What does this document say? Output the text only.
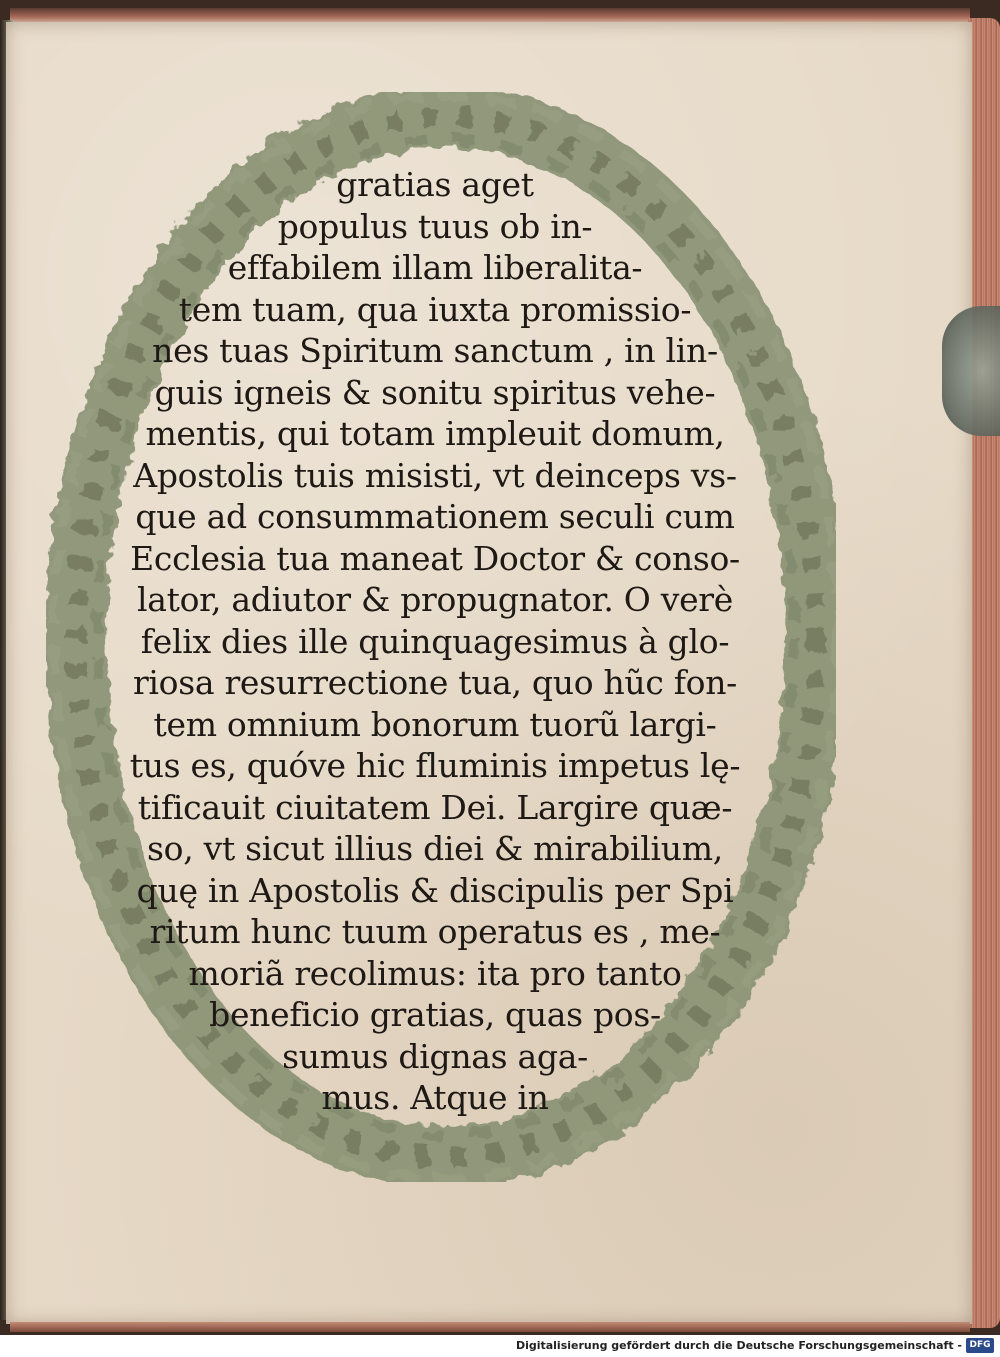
gratias aget
populus tuus ob in-
effabilem illam liberalita-
tem tuam, qua iuxta promissio-
nes tuas Spiritum sanctum , in lin-
guis igneis & sonitu spiritus vehe-
mentis, qui totam impleuit domum,
Apostolis tuis misisti, vt deinceps vs-
que ad consummationem seculi cum
Ecclesia tua maneat Doctor & conso-
lator, adiutor & propugnator. O verè
felix dies ille quinquagesimus à glo-
riosa resurrectione tua, quo hũc fon-
tem omnium bonorum tuorũ largi-
tus es, quóve hic fluminis impetus lę-
tificauit ciuitatem Dei. Largire quæ-
so, vt sicut illius diei & mirabilium,
quę in Apostolis & discipulis per Spi
ritum hunc tuum operatus es , me-
moriã recolimus: ita pro tanto
beneficio gratias, quas pos-
sumus dignas aga-
mus. Atque in
Digitalisierung gefördert durch die Deutsche Forschungsgemeinschaft - DFG
